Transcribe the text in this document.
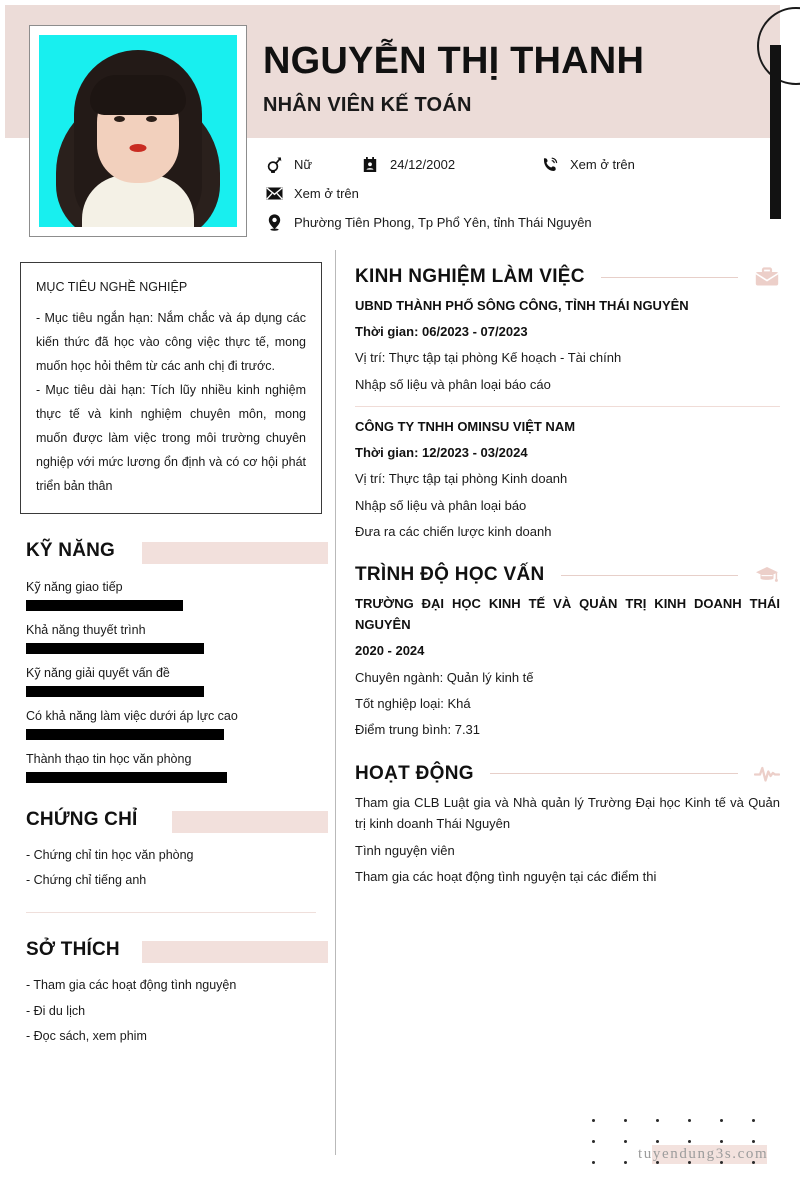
NGUYỄN THỊ THANH
NHÂN VIÊN KẾ TOÁN
Nữ	24/12/2002	Xem ở trên
Xem ở trên
Phường Tiên Phong, Tp Phổ Yên, tỉnh Thái Nguyên
MỤC TIÊU NGHỀ NGHIỆP

- Mục tiêu ngắn hạn: Nắm chắc và áp dụng các kiến thức đã học vào công việc thực tế, mong muốn học hỏi thêm từ các anh chị đi trước.

- Mục tiêu dài hạn: Tích lũy nhiều kinh nghiệm thực tế và kinh nghiệm chuyên môn, mong muốn được làm việc trong môi trường chuyên nghiệp với mức lương ổn định và có cơ hội phát triển bản thân

KỸ NĂNG
Kỹ năng giao tiếp
Khả năng thuyết trình
Kỹ năng giải quyết vấn đề
Có khả năng làm việc dưới áp lực cao
Thành thạo tin học văn phòng
CHỨNG CHỈ
- Chứng chỉ tin học văn phòng
- Chứng chỉ tiếng anh
SỞ THÍCH
- Tham gia các hoạt động tình nguyện
- Đi du lịch
- Đọc sách, xem phim
KINH NGHIỆM LÀM VIỆC
UBND THÀNH PHỐ SÔNG CÔNG, TỈNH THÁI NGUYÊN
Thời gian: 06/2023 - 07/2023
Vị trí: Thực tập tại phòng Kế hoạch - Tài chính
Nhập số liệu và phân loại báo cáo
CÔNG TY TNHH OMINSU VIỆT NAM
Thời gian: 12/2023 - 03/2024
Vị trí: Thực tập tại phòng Kinh doanh
Nhập số liệu và phân loại báo
Đưa ra các chiến lược kinh doanh
TRÌNH ĐỘ HỌC VẤN
TRƯỜNG ĐẠI HỌC KINH TẾ VÀ QUẢN TRỊ KINH DOANH THÁI NGUYÊN
2020 - 2024
Chuyên ngành: Quản lý kinh tế
Tốt nghiệp loại: Khá
Điểm trung bình: 7.31
HOẠT ĐỘNG
Tham gia CLB Luật gia và Nhà quản lý Trường Đại học Kinh tế và Quản trị kinh doanh Thái Nguyên
Tình nguyện viên
Tham gia các hoạt động tình nguyện tại các điểm thi
tuyendung3s.com
